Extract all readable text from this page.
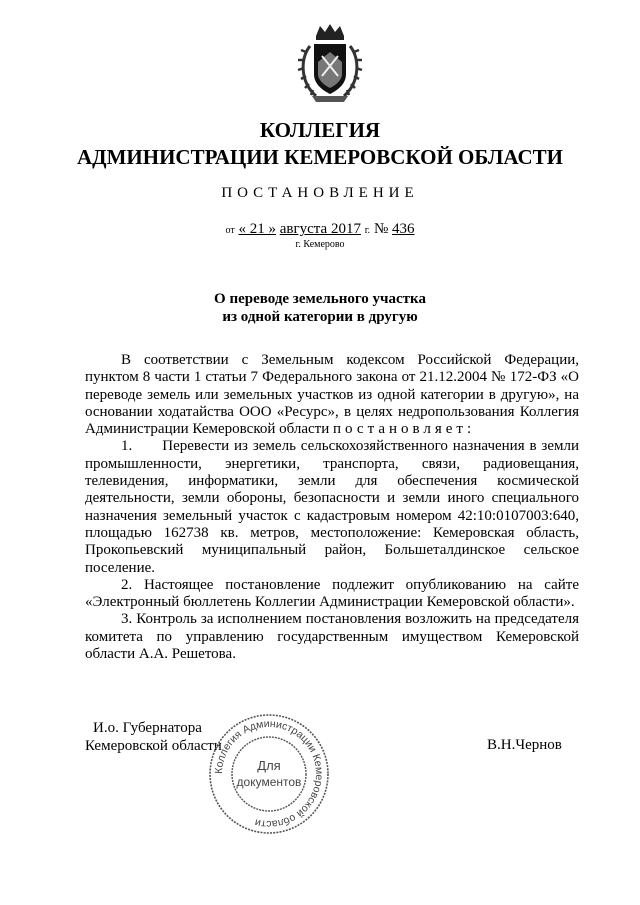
КОЛЛЕГИЯ
АДМИНИСТРАЦИИ КЕМЕРОВСКОЙ ОБЛАСТИ
ПОСТАНОВЛЕНИЕ
от « 21 » августа 2017 г. № 436
г. Кемерово
О переводе земельного участка
из одной категории в другую

В соответствии с Земельным кодексом Российской Федерации, пунктом 8 части 1 статьи 7 Федерального закона от 21.12.2004 № 172-ФЗ «О переводе земель или земельных участков из одной категории в другую», на основании ходатайства ООО «Ресурс», в целях недропользования Коллегия Администрации Кемеровской области постановляет:

1.  Перевести из земель сельскохозяйственного назначения в земли промышленности, энергетики, транспорта, связи, радиовещания, телевидения, информатики, земли для обеспечения космической деятельности, земли обороны, безопасности и земли иного специального назначения земельный участок с кадастровым номером 42:10:0107003:640, площадью 162738 кв. метров, местоположение: Кемеровская область, Прокопьевский муниципальный район, Большеталдинское сельское поселение.

2. Настоящее постановление подлежит опубликованию на сайте «Электронный бюллетень Коллегии Администрации Кемеровской области».

3. Контроль за исполнением постановления возложить на председателя комитета по управлению государственным имуществом Кемеровской области А.А. Решетова.

И.о. Губернатора
Кемеровской области	В.Н.Чернов
Коллегия Администрации Кемеровской области
Для
документов
